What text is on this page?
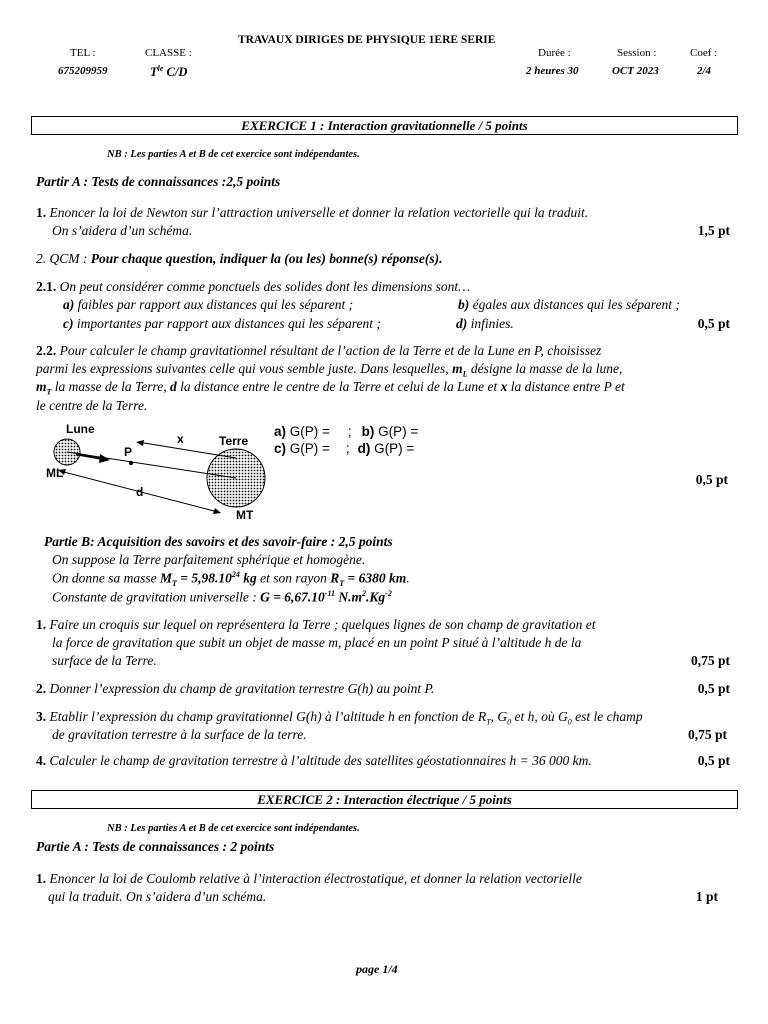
TRAVAUX DIRIGES DE PHYSIQUE 1ERE SERIE
TEL :
675209959
CLASSE :
$T^{le}$ C/D
Durée :
2 heures 30
Session :
OCT 2023
Coef :
2/4
EXERCICE 1 : Interaction gravitationnelle / 5 points
NB : Les parties A et B de cet exercice sont indépendantes.
Partir A : Tests de connaissances :2,5 points
1. Enoncer la loi de Newton sur l’attraction universelle et donner la relation vectorielle qui la traduit.
On s’aidera d’un schéma.	1,5 pt
2. QCM : Pour chaque question, indiquer la (ou les) bonne(s) réponse(s).
2.1. On peut considérer comme ponctuels des solides dont les dimensions sont…
a) faibles par rapport aux distances qui les séparent ;	b) égales aux distances qui les séparent ;
c) importantes par rapport aux distances qui les séparent ;	d) infinies.	0,5 pt
2.2. Pour calculer le champ gravitationnel résultant de l’action de la Terre et de la Lune en P, choisissez
parmi les expressions suivantes celle qui vous semble juste. Dans lesquelles, $m_L$ désigne la masse de la lune,
$m_T$ la masse de la Terre, d la distance entre le centre de la Terre et celui de la Lune et x la distance entre P et
le centre de la Terre.
Lune
Terre
x
P
ML
d
MT
a) G(P) = ; b) G(P) =
c) G(P) = ; d) G(P) =
0,5 pt
Partie B: Acquisition des savoirs et des savoir-faire : 2,5 points
On suppose la Terre parfaitement sphérique et homogène.
On donne sa masse $M_T = 5,98.10^{24}$ kg et son rayon $R_T = 6380$ km.
Constante de gravitation universelle : $G = 6,67.10^{-11}$ $N.m^2.Kg^{-2}$
1. Faire un croquis sur lequel on représentera la Terre ; quelques lignes de son champ de gravitation et
la force de gravitation que subit un objet de masse m, placé en un point P situé à l’altitude h de la
surface de la Terre.	0,75 pt
2. Donner l’expression du champ de gravitation terrestre G(h) au point P.	0,5 pt
3. Etablir l’expression du champ gravitationnel G(h) à l’altitude h en fonction de $R_T$, $G_0$ et h, où $G_0$ est le champ
de gravitation terrestre à la surface de la terre.	0,75 pt
4. Calculer le champ de gravitation terrestre à l’altitude des satellites géostationnaires h = 36 000 km.	0,5 pt
EXERCICE 2 : Interaction électrique / 5 points
NB : Les parties A et B de cet exercice sont indépendantes.
Partie A : Tests de connaissances : 2 points
1. Enoncer la loi de Coulomb relative à l’interaction électrostatique, et donner la relation vectorielle
qui la traduit. On s’aidera d’un schéma.	1 pt
page 1/4
